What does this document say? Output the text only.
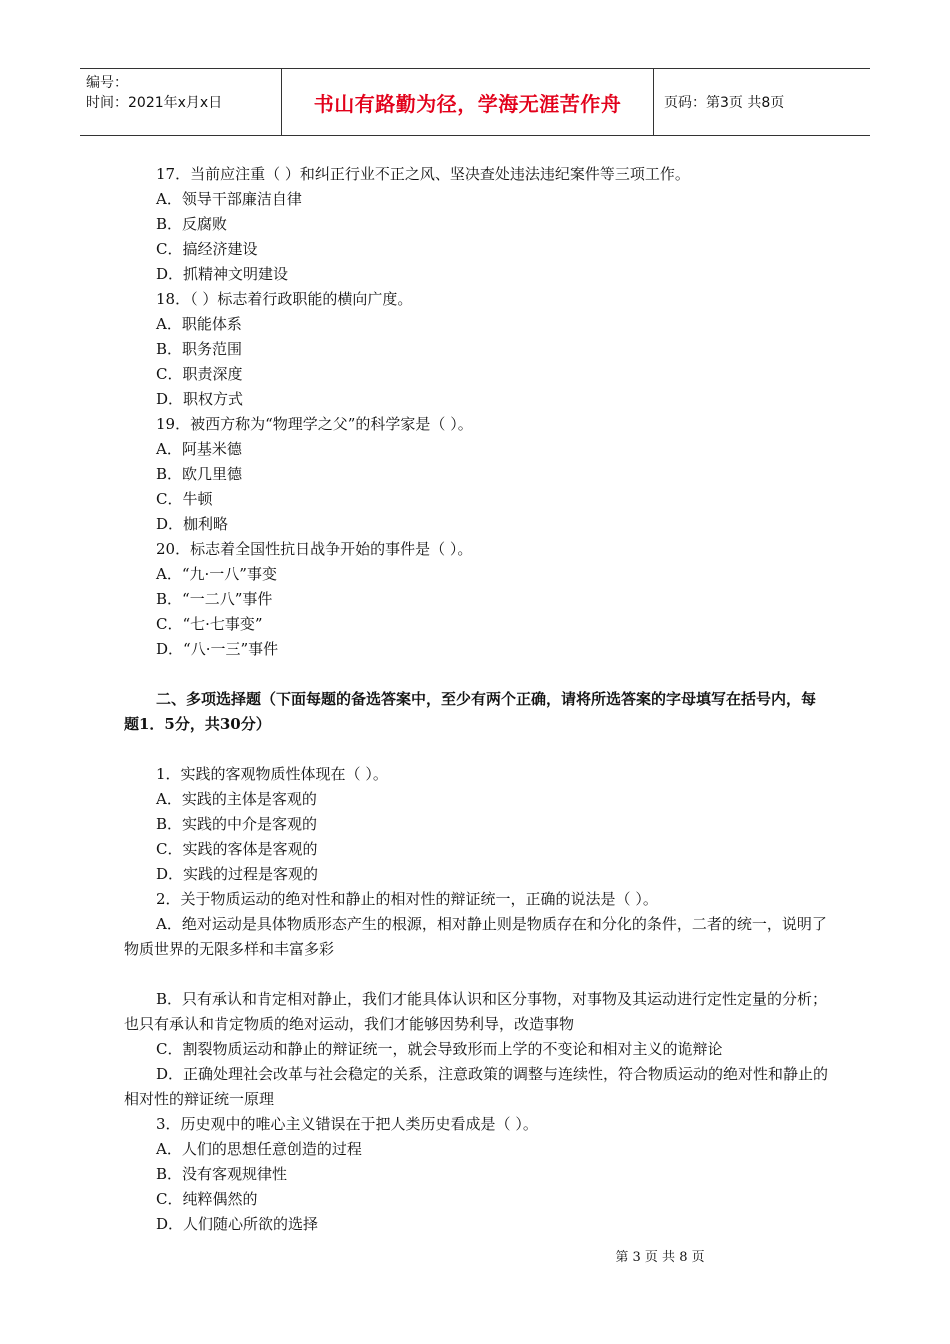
编号：
时间：2021年x月x日	书山有路勤为径，学海无涯苦作舟	页码：第3页 共8页
17．当前应注重（ ）和纠正行业不正之风、坚决查处违法违纪案件等三项工作。
A．领导干部廉洁自律
B．反腐败
C．搞经济建设
D．抓精神文明建设
18．（ ）标志着行政职能的横向广度。
A．职能体系
B．职务范围
C．职责深度
D．职权方式
19．被西方称为“物理学之父”的科学家是（ ）。
A．阿基米德
B．欧几里德
C．牛顿
D．枷利略
20．标志着全国性抗日战争开始的事件是（ ）。
A．“九·一八”事变
B．“一二八”事件
C．“七·七事变”
D．“八·一三”事件
二、多项选择题（下面每题的备选答案中，至少有两个正确，请将所选答案的字母填写在括号内，每题1．5分，共30分）
1．实践的客观物质性体现在（ ）。
A．实践的主体是客观的
B．实践的中介是客观的
C．实践的客体是客观的
D．实践的过程是客观的
2．关于物质运动的绝对性和静止的相对性的辩证统一，正确的说法是（ ）。
A．绝对运动是具体物质形态产生的根源，相对静止则是物质存在和分化的条件，二者的统一，说明了物质世界的无限多样和丰富多彩
B．只有承认和肯定相对静止，我们才能具体认识和区分事物，对事物及其运动进行定性定量的分析；也只有承认和肯定物质的绝对运动，我们才能够因势利导，改造事物
C．割裂物质运动和静止的辩证统一，就会导致形而上学的不变论和相对主义的诡辩论
D．正确处理社会改革与社会稳定的关系，注意政策的调整与连续性，符合物质运动的绝对性和静止的相对性的辩证统一原理
3．历史观中的唯心主义错误在于把人类历史看成是（ ）。
A．人们的思想任意创造的过程
B．没有客观规律性
C．纯粹偶然的
D．人们随心所欲的选择
第 3 页 共 8 页
